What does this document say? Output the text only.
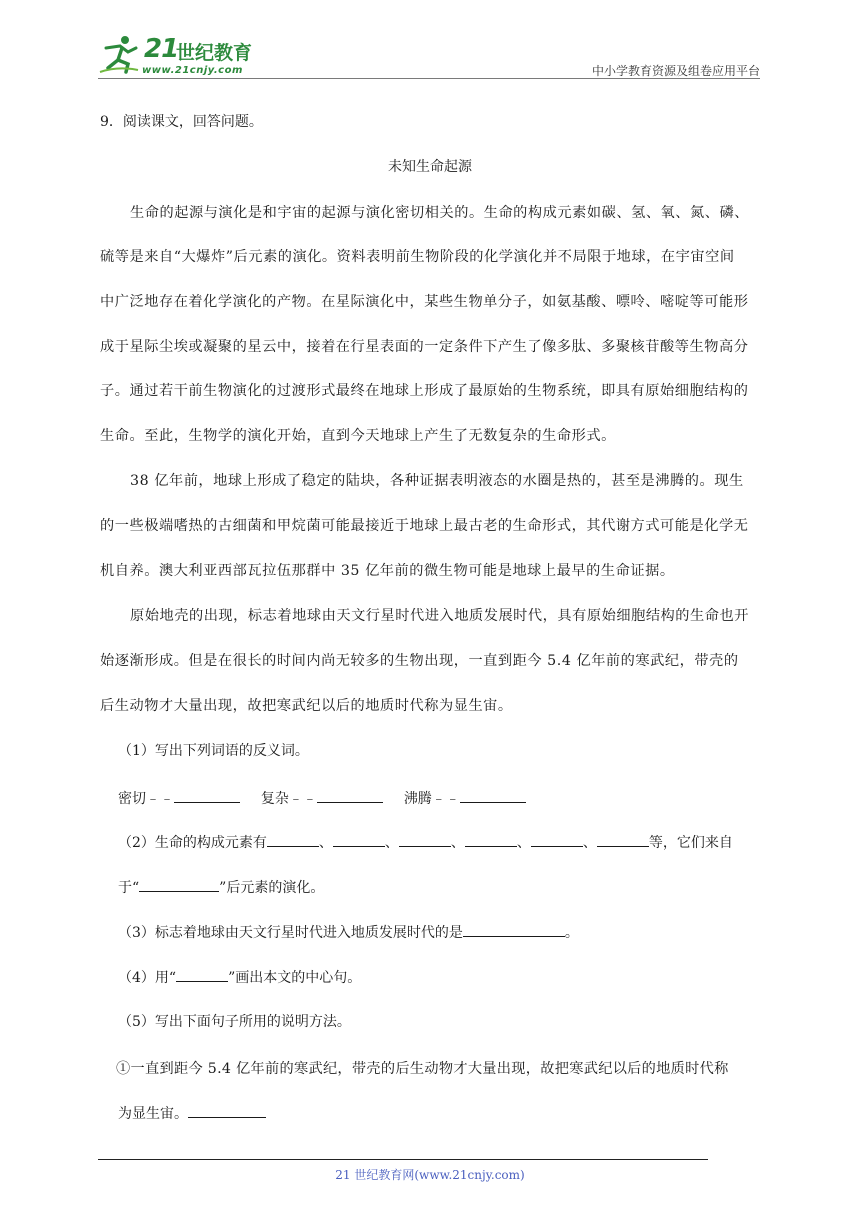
21
世纪教育
www.21cnjy.com	中小学教育资源及组卷应用平台
9．阅读课文，回答问题。
未知生命起源
生命的起源与演化是和宇宙的起源与演化密切相关的。生命的构成元素如碳、氢、氧、氮、磷、
硫等是来自“大爆炸”后元素的演化。资料表明前生物阶段的化学演化并不局限于地球，在宇宙空间
中广泛地存在着化学演化的产物。在星际演化中，某些生物单分子，如氨基酸、嘌呤、嘧啶等可能形
成于星际尘埃或凝聚的星云中，接着在行星表面的一定条件下产生了像多肽、多聚核苷酸等生物高分
子。通过若干前生物演化的过渡形式最终在地球上形成了最原始的生物系统，即具有原始细胞结构的
生命。至此，生物学的演化开始，直到今天地球上产生了无数复杂的生命形式。
38 亿年前，地球上形成了稳定的陆块，各种证据表明液态的水圈是热的，甚至是沸腾的。现生
的一些极端嗜热的古细菌和甲烷菌可能最接近于地球上最古老的生命形式，其代谢方式可能是化学无
机自养。澳大利亚西部瓦拉伍那群中 35 亿年前的微生物可能是地球上最早的生命证据。
原始地壳的出现，标志着地球由天文行星时代进入地质发展时代，具有原始细胞结构的生命也开
始逐渐形成。但是在很长的时间内尚无较多的生物出现，一直到距今 5.4 亿年前的寒武纪，带壳的
后生动物才大量出现，故把寒武纪以后的地质时代称为显生宙。
（1）写出下列词语的反义词。
密切﹣﹣	复杂﹣﹣	沸腾﹣﹣
（2）生命的构成元素有	、	、	、	、	、	等，它们来自
于“	”后元素的演化。
（3）标志着地球由天文行星时代进入地质发展时代的是	。
（4）用“	”画出本文的中心句。
（5）写出下面句子所用的说明方法。
①一直到距今 5.4 亿年前的寒武纪，带壳的后生动物才大量出现，故把寒武纪以后的地质时代称
为显生宙。
21 世纪教育网(www.21cnjy.com)
